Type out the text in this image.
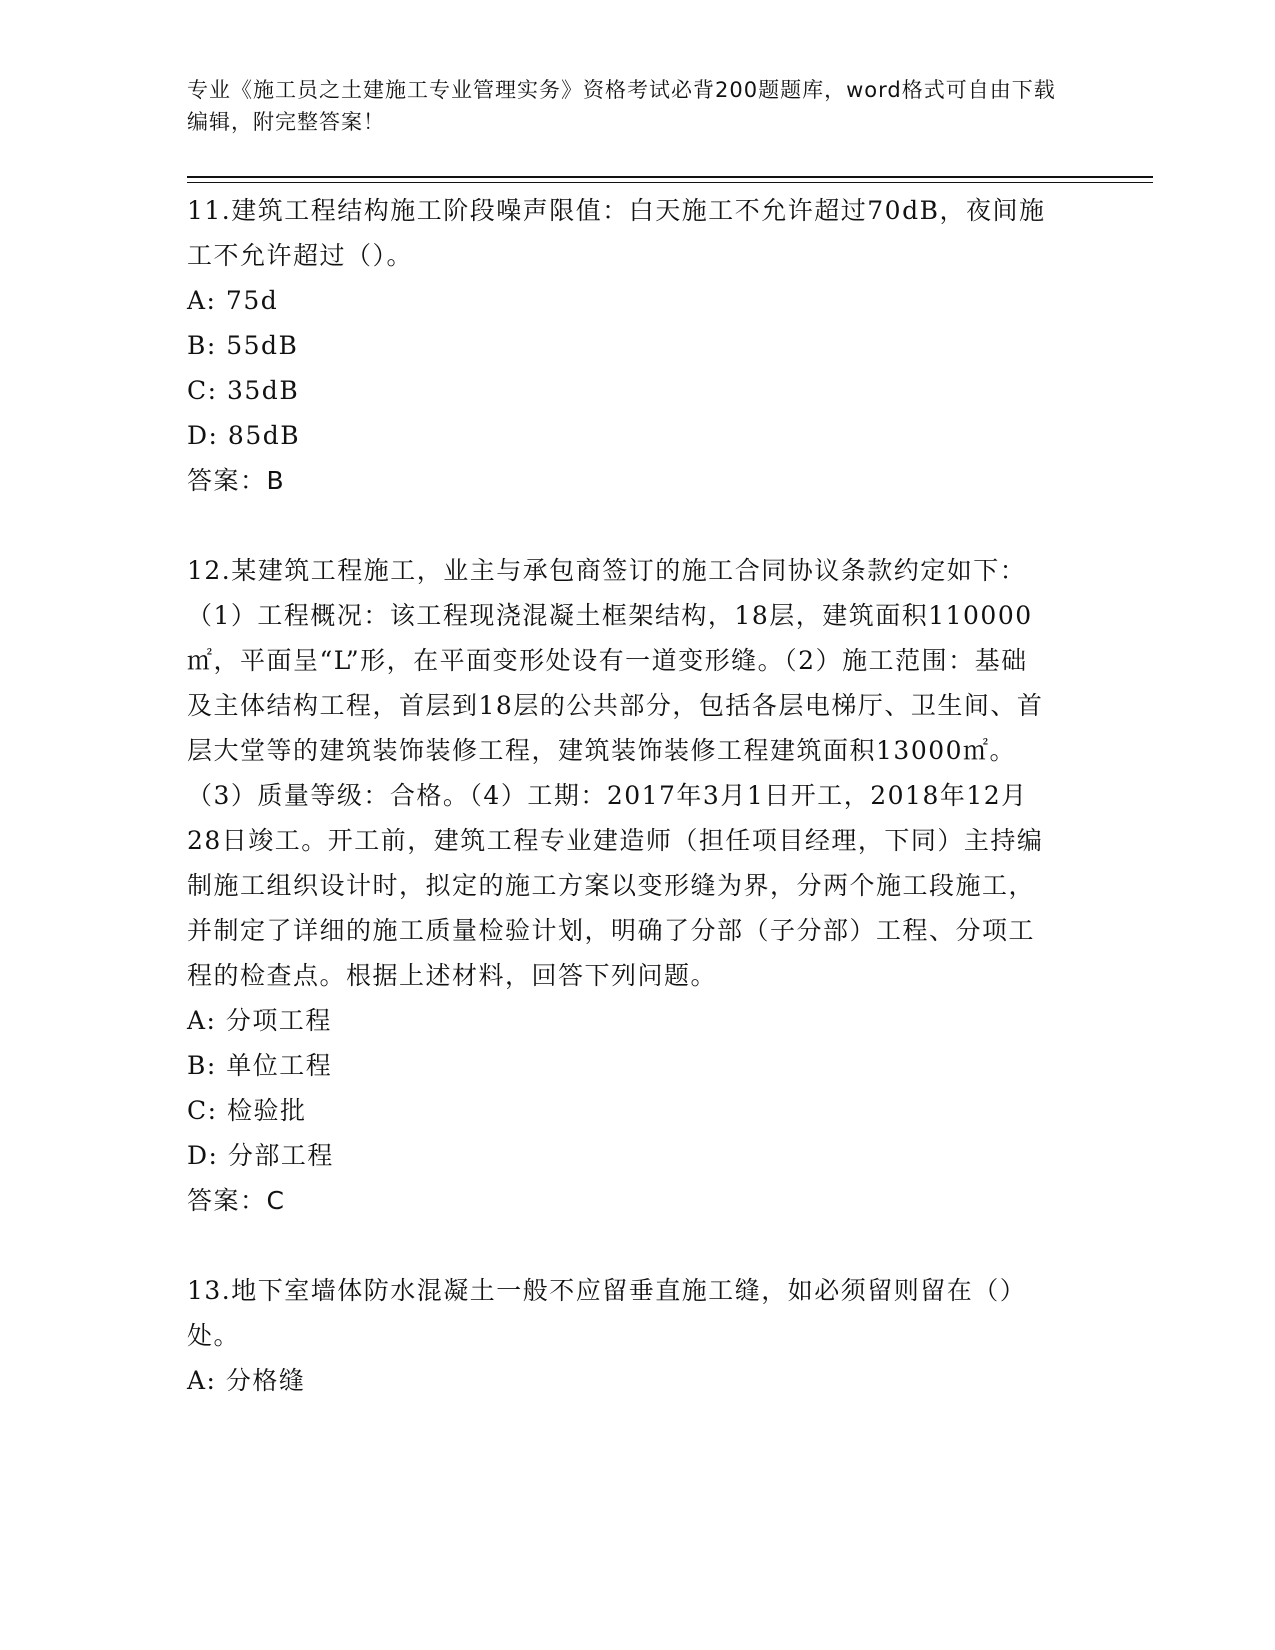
专业《施工员之土建施工专业管理实务》资格考试必背200题题库，word格式可自由下载编辑，附完整答案！

11.建筑工程结构施工阶段噪声限值：白天施工不允许超过70dB，夜间施工不允许超过（）。

A: 75d

B: 55dB

C: 35dB

D: 85dB

答案：B

12.某建筑工程施工，业主与承包商签订的施工合同协议条款约定如下：（1）工程概况：该工程现浇混凝土框架结构，18层，建筑面积110000㎡，平面呈“L”形，在平面变形处设有一道变形缝。（2）施工范围：基础及主体结构工程，首层到18层的公共部分，包括各层电梯厅、卫生间、首层大堂等的建筑装饰装修工程，建筑装饰装修工程建筑面积13000㎡。（3）质量等级：合格。（4）工期：2017年3月1日开工，2018年12月28日竣工。开工前，建筑工程专业建造师（担任项目经理，下同）主持编制施工组织设计时，拟定的施工方案以变形缝为界，分两个施工段施工，并制定了详细的施工质量检验计划，明确了分部（子分部）工程、分项工程的检查点。根据上述材料，回答下列问题。

A: 分项工程

B: 单位工程

C: 检验批

D: 分部工程

答案：C

13.地下室墙体防水混凝土一般不应留垂直施工缝，如必须留则留在（）处。

A: 分格缝
